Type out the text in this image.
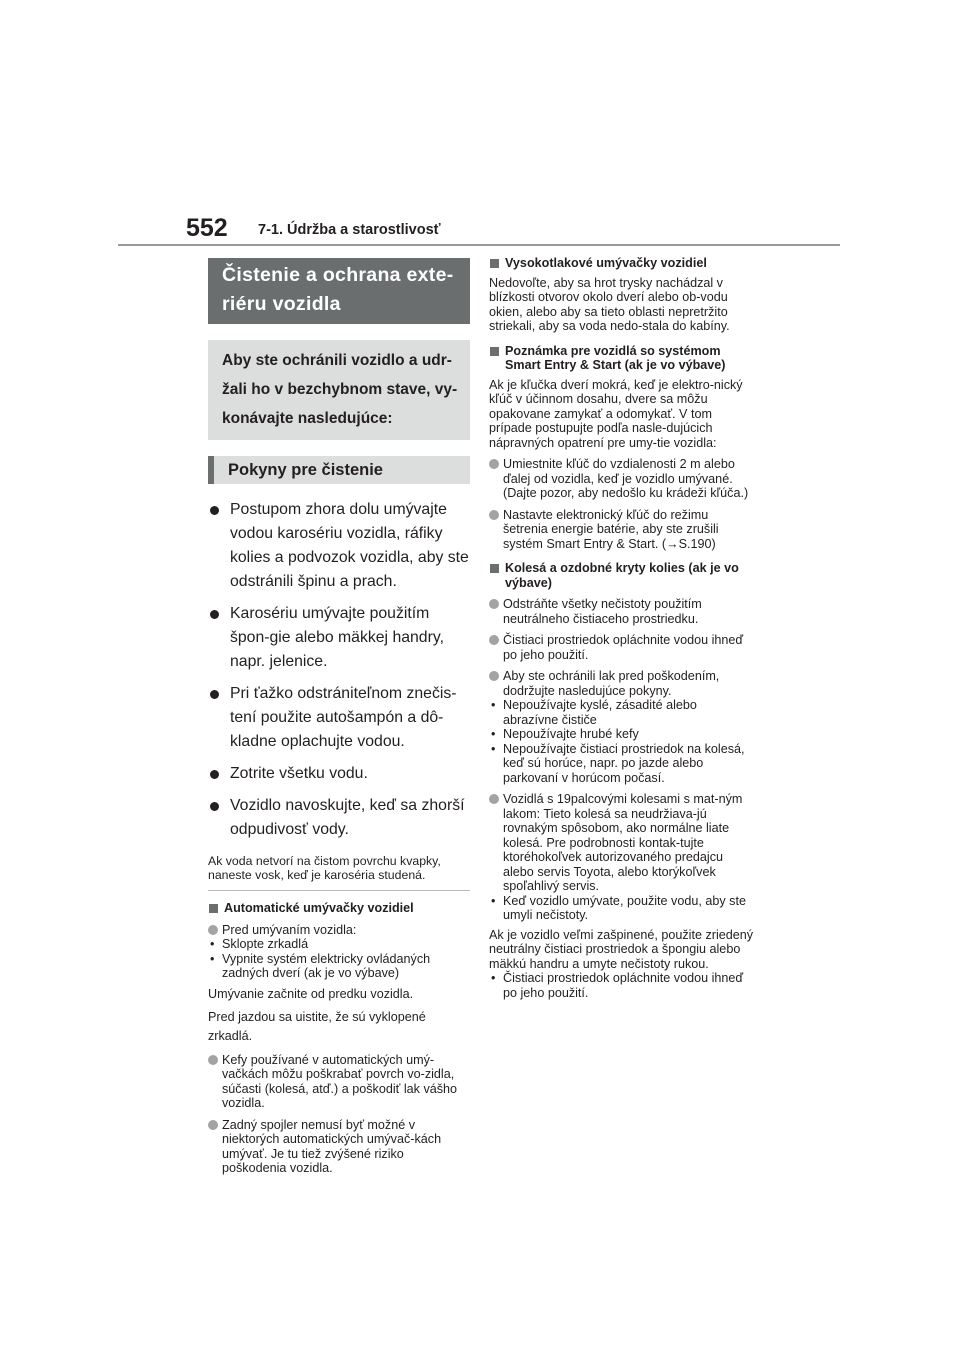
552 7-1. Údržba a starostlivosť
Čistenie a ochrana exte-riéru vozidla
Aby ste ochránili vozidlo a udr-žali ho v bezchybnom stave, vy-konávajte nasledujúce:
Pokyny pre čistenie
Postupom zhora dolu umývajte vodou karosériu vozidla, ráfiky kolies a podvozok vozidla, aby ste odstránili špinu a prach.
Karosériu umývajte použitím špon-gie alebo mäkkej handry, napr. jelenice.
Pri ťažko odstrániteľnom znečis-tení použite autošampón a dô-kladne oplachujte vodou.
Zotrite všetku vodu.
Vozidlo navoskujte, keď sa zhorší odpudivosť vody.
Ak voda netvorí na čistom povrchu kvapky, naneste vosk, keď je karoséria studená.
Automatické umývačky vozidiel
Pred umývaním vozidla:
• Sklopte zrkadlá
• Vypnite systém elektricky ovládaných zadných dverí (ak je vo výbave)

Umývanie začnite od predku vozidla.

Pred jazdou sa uistite, že sú vyklopené zrkadlá.

Kefy používané v automatických umý-vačkách môžu poškrabať povrch vo-zidla, súčasti (kolesá, atď.) a poškodiť lak vášho vozidla.
Zadný spojler nemusí byť možné v niektorých automatických umývač-kách umývať. Je tu tiež zvýšené riziko poškodenia vozidla.
Vysokotlakové umývačky vozidiel

Nedovoľte, aby sa hrot trysky nachádzal v blízkosti otvorov okolo dverí alebo ob-vodu okien, alebo aby sa tieto oblasti nepretržito striekali, aby sa voda nedo-stala do kabíny.

Poznámka pre vozidlá so systémom Smart Entry & Start (ak je vo výbave)

Ak je kľučka dverí mokrá, keď je elektro-nický kľúč v účinnom dosahu, dvere sa môžu opakovane zamykať a odomykať. V tom prípade postupujte podľa nasle-dujúcich nápravných opatrení pre umy-tie vozidla:

Umiestnite kľúč do vzdialenosti 2 m alebo ďalej od vozidla, keď je vozidlo umývané. (Dajte pozor, aby nedošlo ku krádeži kľúča.)
Nastavte elektronický kľúč do režimu šetrenia energie batérie, aby ste zrušili systém Smart Entry & Start. (→S.190)
Kolesá a ozdobné kryty kolies (ak je vo výbave)
Odstráňte všetky nečistoty použitím neutrálneho čistiaceho prostriedku.
Čistiaci prostriedok opláchnite vodou ihneď po jeho použití.
Aby ste ochránili lak pred poškodením, dodržujte nasledujúce pokyny.
• Nepoužívajte kyslé, zásadité alebo abrazívne čističe
• Nepoužívajte hrubé kefy
• Nepoužívajte čistiaci prostriedok na kolesá, keď sú horúce, napr. po jazde alebo parkovaní v horúcom počasí.
Vozidlá s 19palcovými kolesami s mat-ným lakom: Tieto kolesá sa neudržiava-jú rovnakým spôsobom, ako normálne liate kolesá. Pre podrobnosti kontak-tujte ktoréhokoľvek autorizovaného predajcu alebo servis Toyota, alebo ktorýkoľvek spoľahlivý servis.
• Keď vozidlo umývate, použite vodu, aby ste umyli nečistoty.

Ak je vozidlo veľmi zašpinené, použite zriedený neutrálny čistiaci prostriedok a špongiu alebo mäkkú handru a umyte nečistoty rukou.

• Čistiaci prostriedok opláchnite vodou ihneď po jeho použití.
